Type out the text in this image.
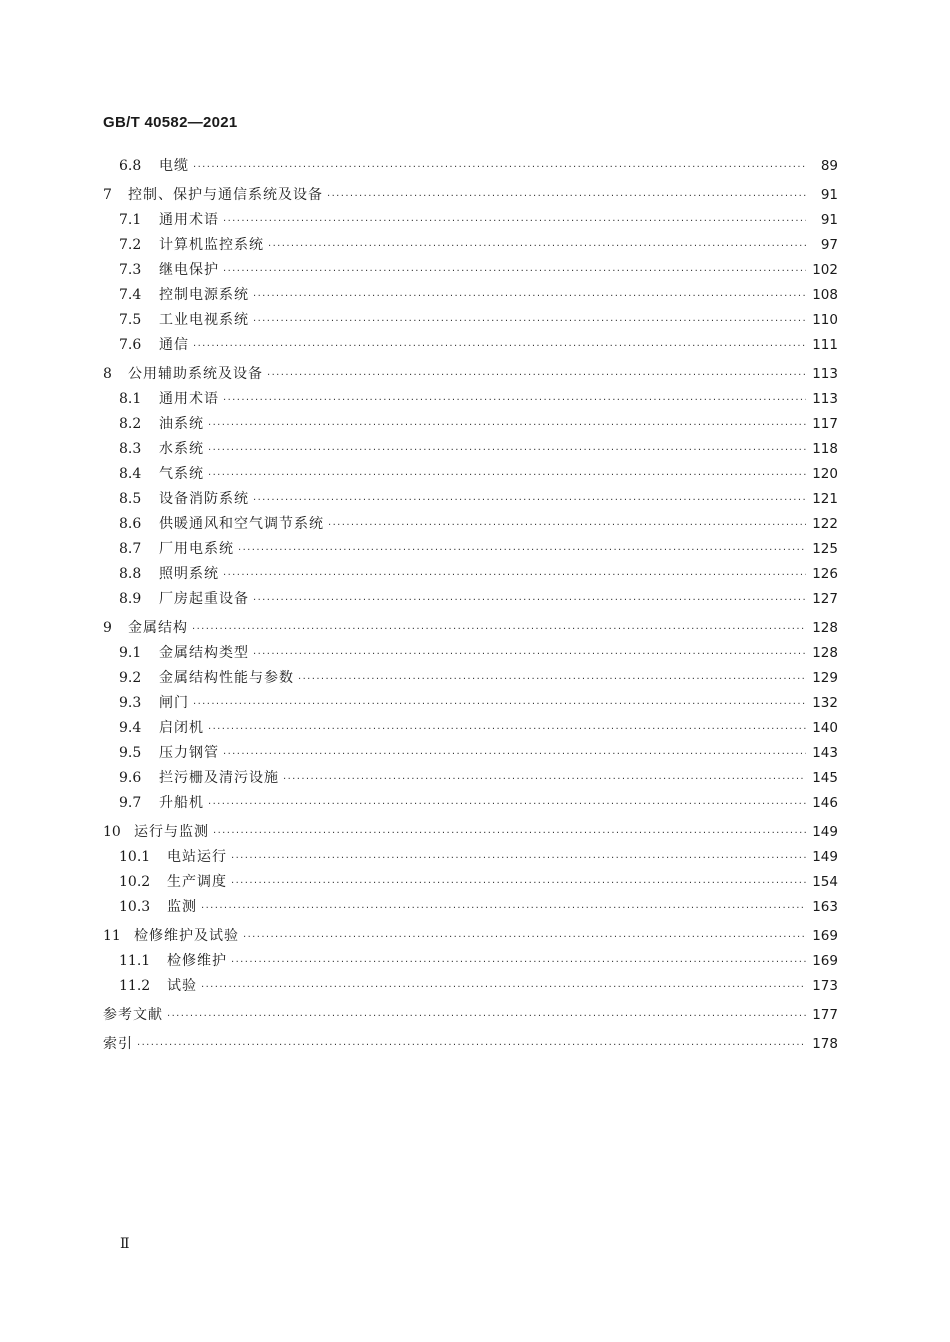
GB/T 40582—2021
6.8	电缆 ·····	89
7	控制、保护与通信系统及设备 ·····	91
7.1	通用术语 ·····	91
7.2	计算机监控系统 ·····	97
7.3	继电保护 ·····	102
7.4	控制电源系统 ·····	108
7.5	工业电视系统 ·····	110
7.6	通信 ·····	111
8	公用辅助系统及设备 ·····	113
8.1	通用术语 ·····	113
8.2	油系统 ·····	117
8.3	水系统 ·····	118
8.4	气系统 ·····	120
8.5	设备消防系统 ·····	121
8.6	供暖通风和空气调节系统 ·····	122
8.7	厂用电系统 ·····	125
8.8	照明系统 ·····	126
8.9	厂房起重设备 ·····	127
9	金属结构 ·····	128
9.1	金属结构类型 ·····	128
9.2	金属结构性能与参数 ·····	129
9.3	闸门 ·····	132
9.4	启闭机 ·····	140
9.5	压力钢管 ·····	143
9.6	拦污栅及清污设施 ·····	145
9.7	升船机 ·····	146
10 运行与监测 ·····	149
10.1	电站运行 ·····	149
10.2	生产调度 ·····	154
10.3	监测 ·····	163
11 检修维护及试验 ·····	169
11.1	检修维护 ·····	169
11.2	试验 ·····	173
参考文献 ·····	177
索引 ·····	178
Ⅱ
